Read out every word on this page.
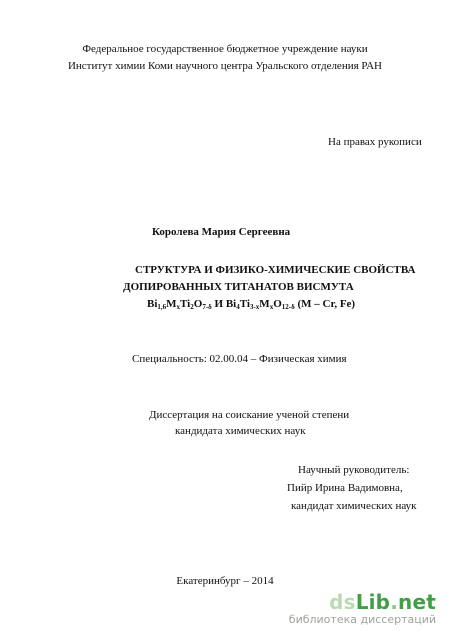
Федеральное государственное бюджетное учреждение науки
Институт химии Коми научного центра Уральского отделения РАН
На правах рукописи
Королева Мария Сергеевна
СТРУКТУРА И ФИЗИКО-ХИМИЧЕСКИЕ СВОЙСТВА
ДОПИРОВАННЫХ ТИТАНАТОВ ВИСМУТА
$Bi_{1,6}M_xTi_2O_{7-\delta}$ И $Bi_4Ti_{3-x}M_xO_{12-\delta}$ (M – Cr, Fe)
Специальность: 02.00.04 – Физическая химия
Диссертация на соискание ученой степени
кандидата химических наук
Научный руководитель:
Пийр Ирина Вадимовна,
кандидат химических наук
Екатеринбург – 2014
dsLib.net
библиотека диссертаций
